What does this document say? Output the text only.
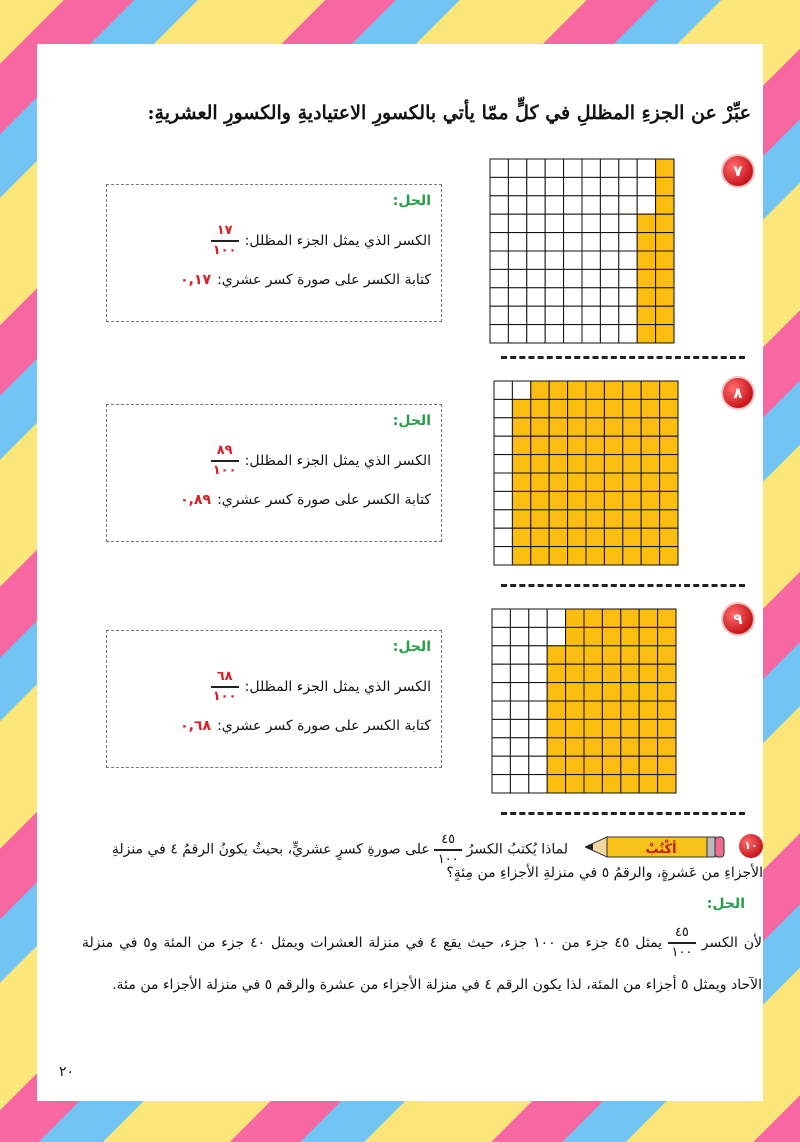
عبِّرْ عن الجزءِ المظللِ في كلٍّ ممّا يأتي بالكسورِ الاعتياديةِ والكسورِ العشريةِ:
٧
الحل:
الكسر الذي يمثل الجزء المظلل:
$\frac{١٧}{١٠٠}$
كتابة الكسر على صورة كسر عشري:
٠,١٧
٨
الحل:
الكسر الذي يمثل الجزء المظلل:
$\frac{٨٩}{١٠٠}$
كتابة الكسر على صورة كسر عشري:
٠,٨٩
٩
الحل:
الكسر الذي يمثل الجزء المظلل:
$\frac{٦٨}{١٠٠}$
كتابة الكسر على صورة كسر عشري:
٠,٦٨
١٠
أكْتُبْ
لماذا يُكتبُ الكسرُ
$\frac{٤٥}{١٠٠}$
على صورةِ كسرٍ عشريٍّ، بحيثُ يكونُ الرقمُ ٤ في منزلةِ
الأجزاءِ من عَشرةٍ، والرقمُ ٥ في منزلةِ الأجزاءِ من مِئةٍ؟
الحل:
لأن الكسر
$\frac{٤٥}{١٠٠}$
يمثل ٤٥ جزء من ١٠٠ جزء، حيث يقع ٤ في منزلة العشرات ويمثل ٤٠ جزء من المئة و٥ في منزلة الآحاد ويمثل ٥ أجزاء من المئة، لذا يكون الرقم ٤ في منزلة الأجزاء من عشرة والرقم ٥ في منزلة الأجزاء من مئة.
٢٠
